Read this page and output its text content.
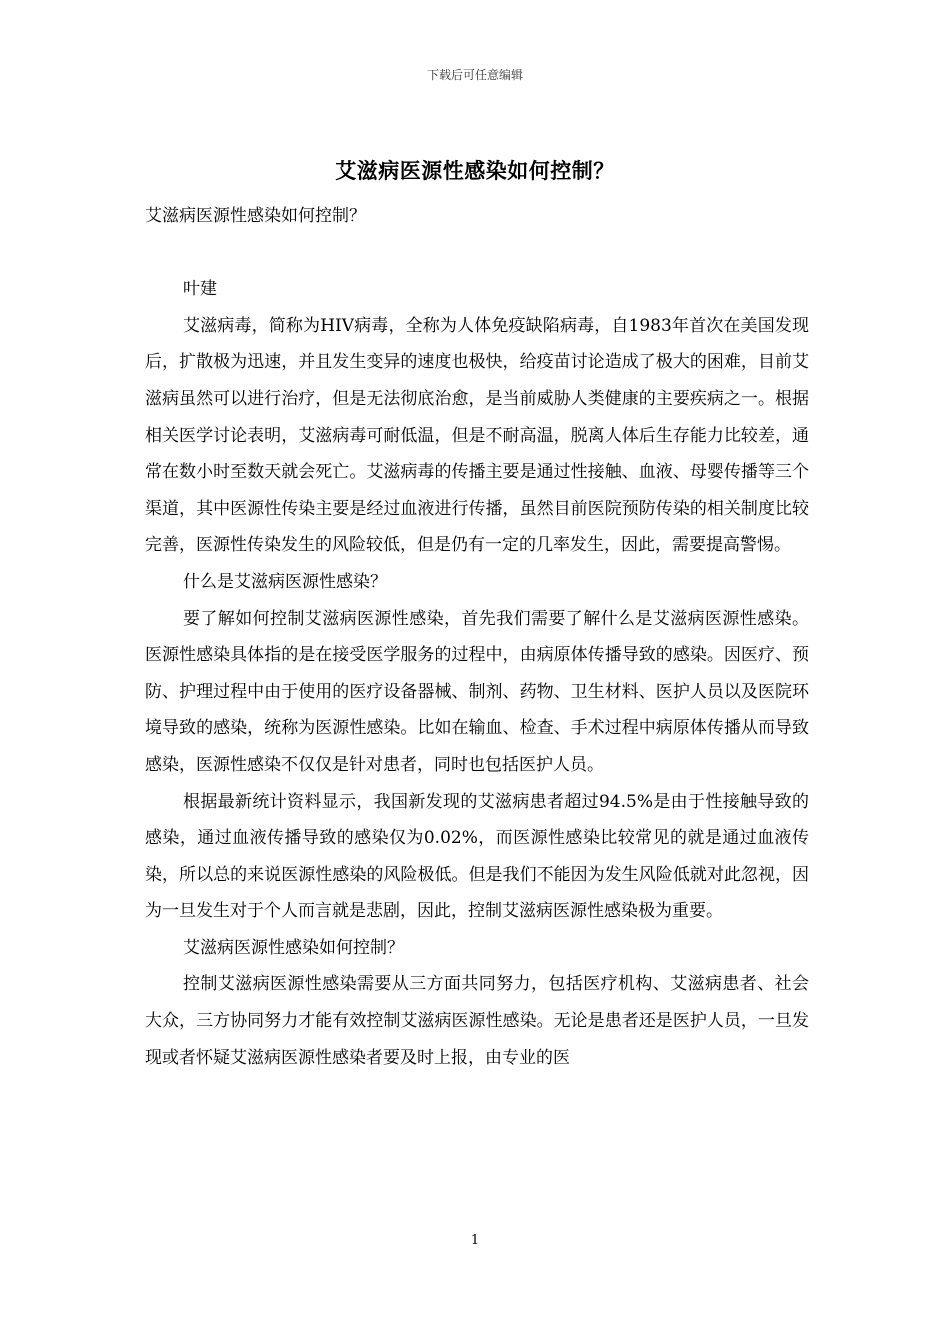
下载后可任意编辑
艾滋病医源性感染如何控制？

艾滋病医源性感染如何控制？

叶建

艾滋病毒，简称为HIV病毒，全称为人体免疫缺陷病毒，自1983年首次在美国发现后，扩散极为迅速，并且发生变异的速度也极快，给疫苗讨论造成了极大的困难，目前艾滋病虽然可以进行治疗，但是无法彻底治愈，是当前威胁人类健康的主要疾病之一。根据相关医学讨论表明，艾滋病毒可耐低温，但是不耐高温，脱离人体后生存能力比较差，通常在数小时至数天就会死亡。艾滋病毒的传播主要是通过性接触、血液、母婴传播等三个渠道，其中医源性传染主要是经过血液进行传播，虽然目前医院预防传染的相关制度比较完善，医源性传染发生的风险较低，但是仍有一定的几率发生，因此，需要提高警惕。

什么是艾滋病医源性感染？

要了解如何控制艾滋病医源性感染，首先我们需要了解什么是艾滋病医源性感染。医源性感染具体指的是在接受医学服务的过程中，由病原体传播导致的感染。因医疗、预防、护理过程中由于使用的医疗设备器械、制剂、药物、卫生材料、医护人员以及医院环境导致的感染，统称为医源性感染。比如在输血、检查、手术过程中病原体传播从而导致感染，医源性感染不仅仅是针对患者，同时也包括医护人员。

根据最新统计资料显示，我国新发现的艾滋病患者超过94.5%是由于性接触导致的感染，通过血液传播导致的感染仅为0.02%，而医源性感染比较常见的就是通过血液传染，所以总的来说医源性感染的风险极低。但是我们不能因为发生风险低就对此忽视，因为一旦发生对于个人而言就是悲剧，因此，控制艾滋病医源性感染极为重要。

艾滋病医源性感染如何控制？

控制艾滋病医源性感染需要从三方面共同努力，包括医疗机构、艾滋病患者、社会大众，三方协同努力才能有效控制艾滋病医源性感染。无论是患者还是医护人员，一旦发现或者怀疑艾滋病医源性感染者要及时上报，由专业的医

1
